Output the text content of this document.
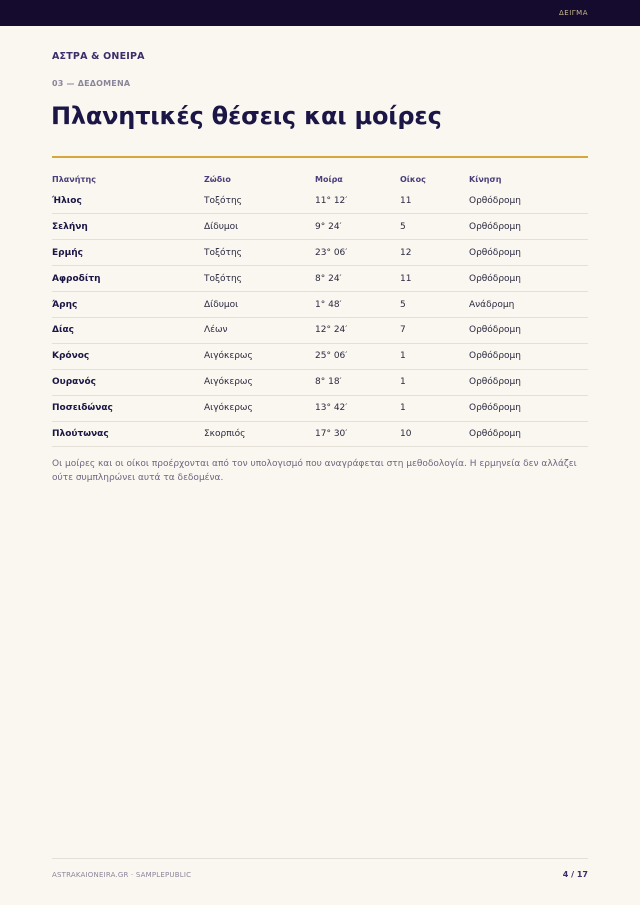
ΔΕΙΓΜΑ
ΑΣΤΡΑ & ΟΝΕΙΡΑ
03 — ΔΕΔΟΜΕΝΑ
Πλανητικές θέσεις και μοίρες
Πλανήτης	Ζώδιο	Μοίρα	Οίκος	Κίνηση
Ήλιος	Τοξότης	11° 12′	11	Ορθόδρομη
Σελήνη	Δίδυμοι	9° 24′	5	Ορθόδρομη
Ερμής	Τοξότης	23° 06′	12	Ορθόδρομη
Αφροδίτη	Τοξότης	8° 24′	11	Ορθόδρομη
Άρης	Δίδυμοι	1° 48′	5	Ανάδρομη
Δίας	Λέων	12° 24′	7	Ορθόδρομη
Κρόνος	Αιγόκερως	25° 06′	1	Ορθόδρομη
Ουρανός	Αιγόκερως	8° 18′	1	Ορθόδρομη
Ποσειδώνας	Αιγόκερως	13° 42′	1	Ορθόδρομη
Πλούτωνας	Σκορπιός	17° 30′	10	Ορθόδρομη

Οι μοίρες και οι οίκοι προέρχονται από τον υπολογισμό που αναγράφεται στη μεθοδολογία. Η ερμηνεία δεν αλλάζει ούτε συμπληρώνει αυτά τα δεδομένα.

ASTRAKAIONEIRA.GR · SAMPLEPUBLIC	4 / 17
